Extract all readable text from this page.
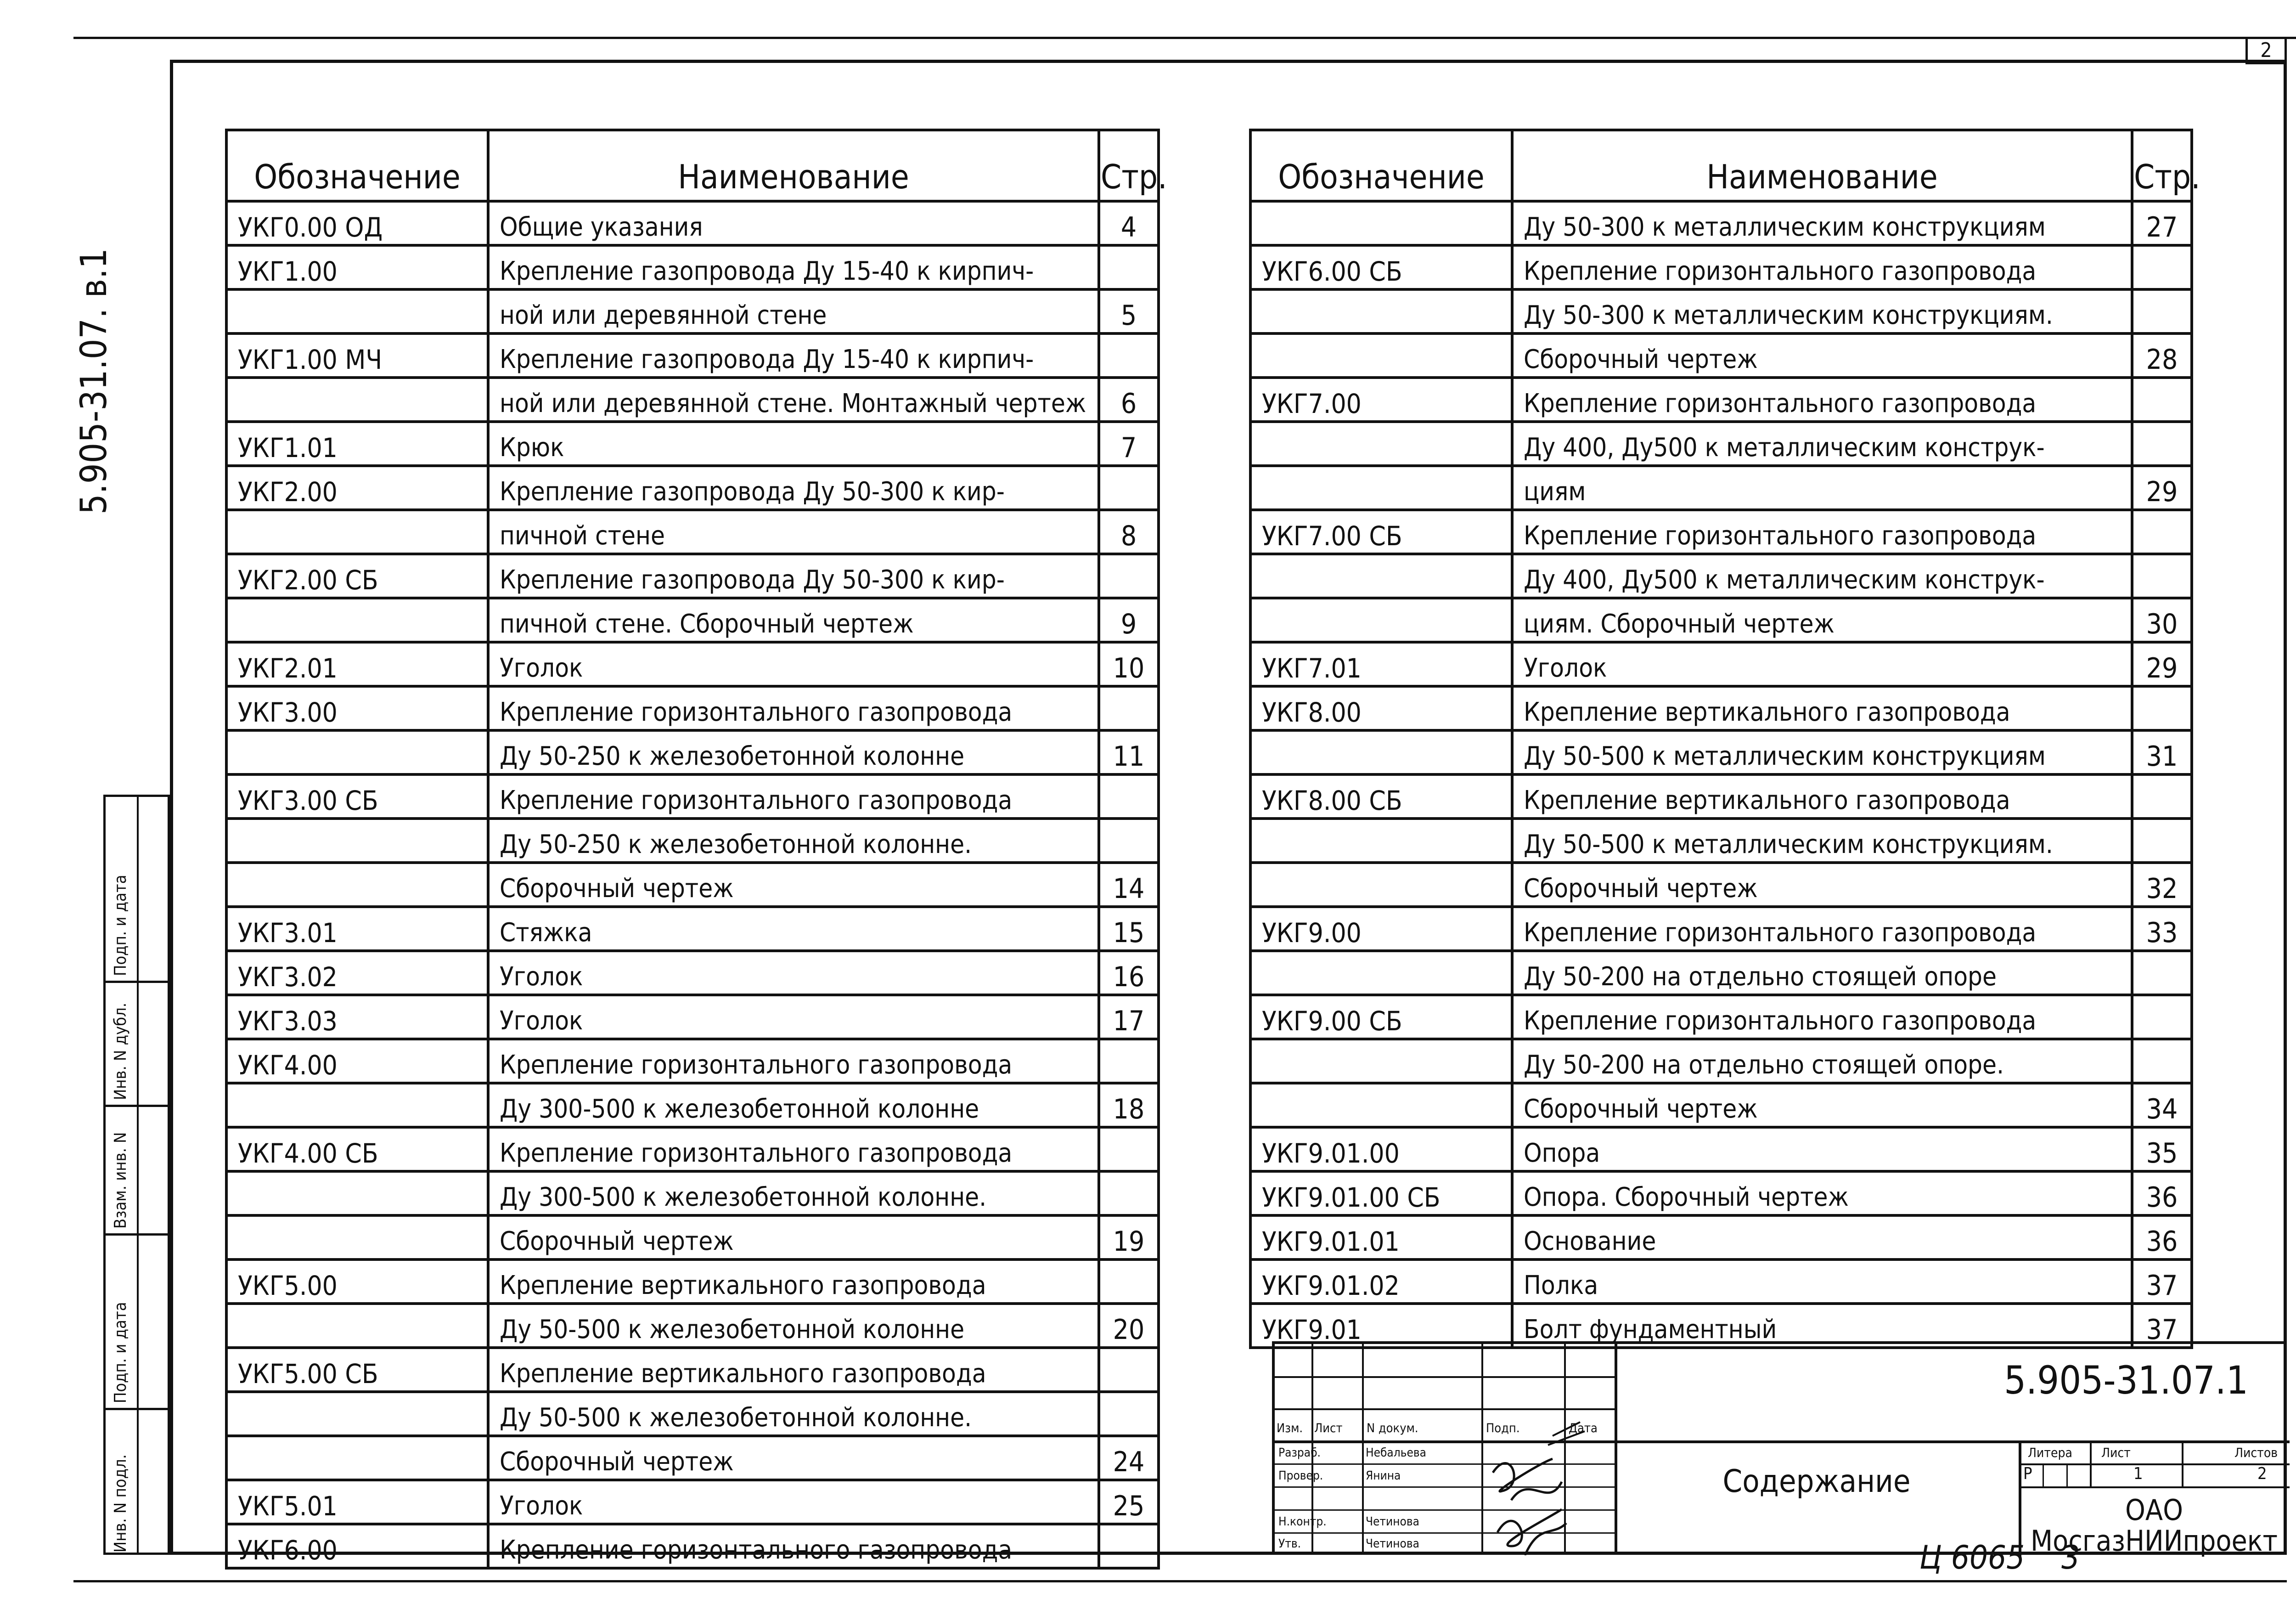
2
5.905-31.07. в.1
Подп. и дата
Инв. N дубл.
Взам. инв. N
Подп. и дата
Инв. N подл.
Обозначение	Наименование	Стр.
УКГ0.00 ОД	Общие указания	4
УКГ1.00	Крепление газопровода Ду 15-40 к кирпич-	
	ной или деревянной стене	5
УКГ1.00 МЧ	Крепление газопровода Ду 15-40 к кирпич-	
	ной или деревянной стене. Монтажный чертеж	6
УКГ1.01	Крюк	7
УКГ2.00	Крепление газопровода Ду 50-300 к кир-	
	пичной стене	8
УКГ2.00 СБ	Крепление газопровода Ду 50-300 к кир-	
	пичной стене. Сборочный чертеж	9
УКГ2.01	Уголок	10
УКГ3.00	Крепление горизонтального газопровода	
	Ду 50-250 к железобетонной колонне	11
УКГ3.00 СБ	Крепление горизонтального газопровода	
	Ду 50-250 к железобетонной колонне.	
	Сборочный чертеж	14
УКГ3.01	Стяжка	15
УКГ3.02	Уголок	16
УКГ3.03	Уголок	17
УКГ4.00	Крепление горизонтального газопровода	
	Ду 300-500 к железобетонной колонне	18
УКГ4.00 СБ	Крепление горизонтального газопровода	
	Ду 300-500 к железобетонной колонне.	
	Сборочный чертеж	19
УКГ5.00	Крепление вертикального газопровода	
	Ду 50-500 к железобетонной колонне	20
УКГ5.00 СБ	Крепление вертикального газопровода	
	Ду 50-500 к железобетонной колонне.	
	Сборочный чертеж	24
УКГ5.01	Уголок	25
УКГ6.00	Крепление горизонтального газопровода	
Обозначение	Наименование	Стр.
	Ду 50-300 к металлическим конструкциям	27
УКГ6.00 СБ	Крепление горизонтального газопровода	
	Ду 50-300 к металлическим конструкциям.	
	Сборочный чертеж	28
УКГ7.00	Крепление горизонтального газопровода	
	Ду 400, Ду500 к металлическим конструк-	
	циям	29
УКГ7.00 СБ	Крепление горизонтального газопровода	
	Ду 400, Ду500 к металлическим конструк-	
	циям. Сборочный чертеж	30
УКГ7.01	Уголок	29
УКГ8.00	Крепление вертикального газопровода	
	Ду 50-500 к металлическим конструкциям	31
УКГ8.00 СБ	Крепление вертикального газопровода	
	Ду 50-500 к металлическим конструкциям.	
	Сборочный чертеж	32
УКГ9.00	Крепление горизонтального газопровода	33
	Ду 50-200 на отдельно стоящей опоре	
УКГ9.00 СБ	Крепление горизонтального газопровода	
	Ду 50-200 на отдельно стоящей опоре.	
	Сборочный чертеж	34
УКГ9.01.00	Опора	35
УКГ9.01.00 СБ	Опора. Сборочный чертеж	36
УКГ9.01.01	Основание	36
УКГ9.01.02	Полка	37
УКГ9.01	Болт фундаментный	37
Изм. Лист N докум.	Подп.	Дата
Разраб.
Провер.
Н.контр.
Утв.
Небальева
Янина
Четинова
Четинова
5.905-31.07.1
Содержание
Литера Лист	Листов
Р	1	2
ОАО
МосгазНИИпроект
Ц 6065    3
